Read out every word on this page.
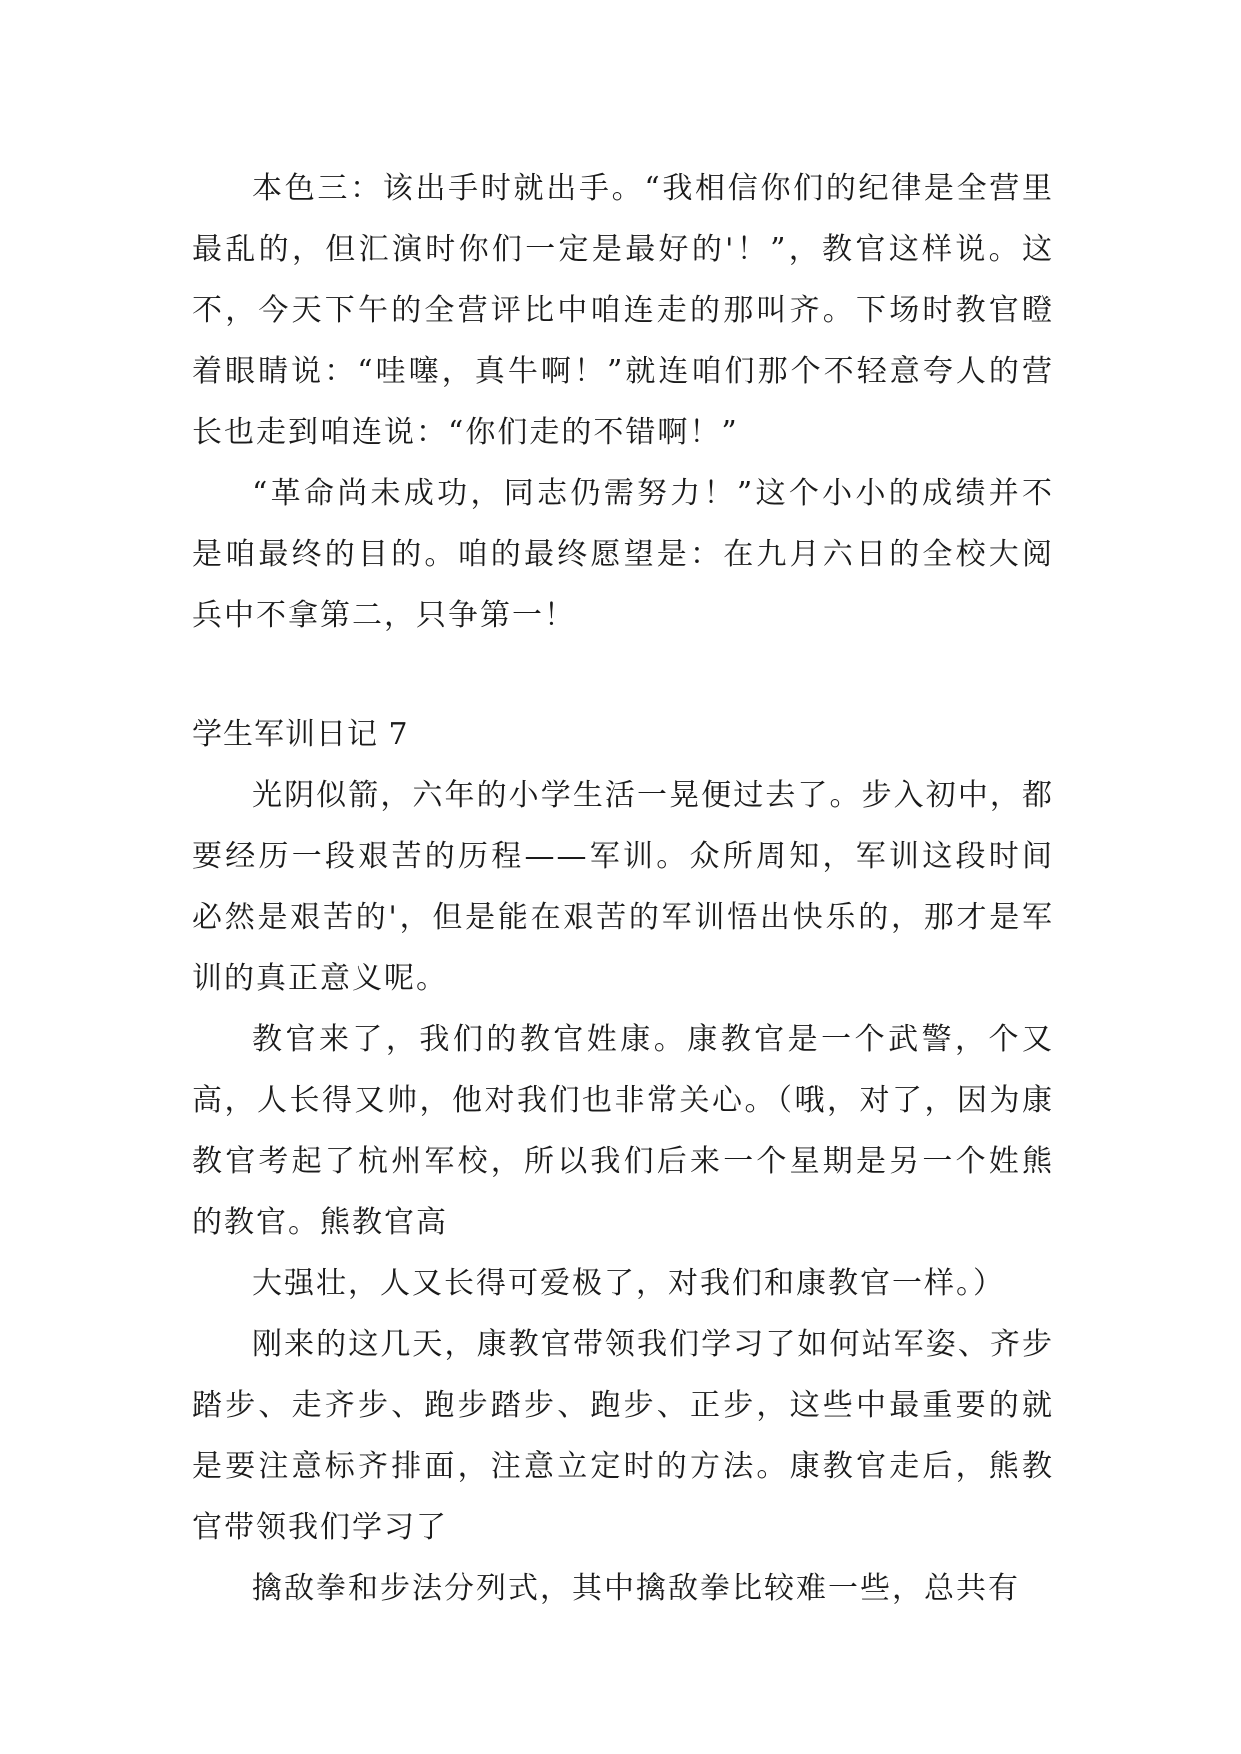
本色三：该出手时就出手。“我相信你们的纪律是全营里最乱的，但汇演时你们一定是最好的'！”，教官这样说。这不，今天下午的全营评比中咱连走的那叫齐。下场时教官瞪着眼睛说：“哇噻，真牛啊！”就连咱们那个不轻意夸人的营长也走到咱连说：“你们走的不错啊！”

“革命尚未成功，同志仍需努力！”这个小小的成绩并不是咱最终的目的。咱的最终愿望是：在九月六日的全校大阅兵中不拿第二，只争第一！

学生军训日记 7

光阴似箭，六年的小学生活一晃便过去了。步入初中，都要经历一段艰苦的历程——军训。众所周知，军训这段时间必然是艰苦的'，但是能在艰苦的军训悟出快乐的，那才是军训的真正意义呢。

教官来了，我们的教官姓康。康教官是一个武警，个又高，人长得又帅，他对我们也非常关心。（哦，对了，因为康教官考起了杭州军校，所以我们后来一个星期是另一个姓熊的教官。熊教官高

大强壮，人又长得可爱极了，对我们和康教官一样。）

刚来的这几天，康教官带领我们学习了如何站军姿、齐步踏步、走齐步、跑步踏步、跑步、正步，这些中最重要的就是要注意标齐排面，注意立定时的方法。康教官走后，熊教官带领我们学习了

擒敌拳和步法分列式，其中擒敌拳比较难一些，总共有
